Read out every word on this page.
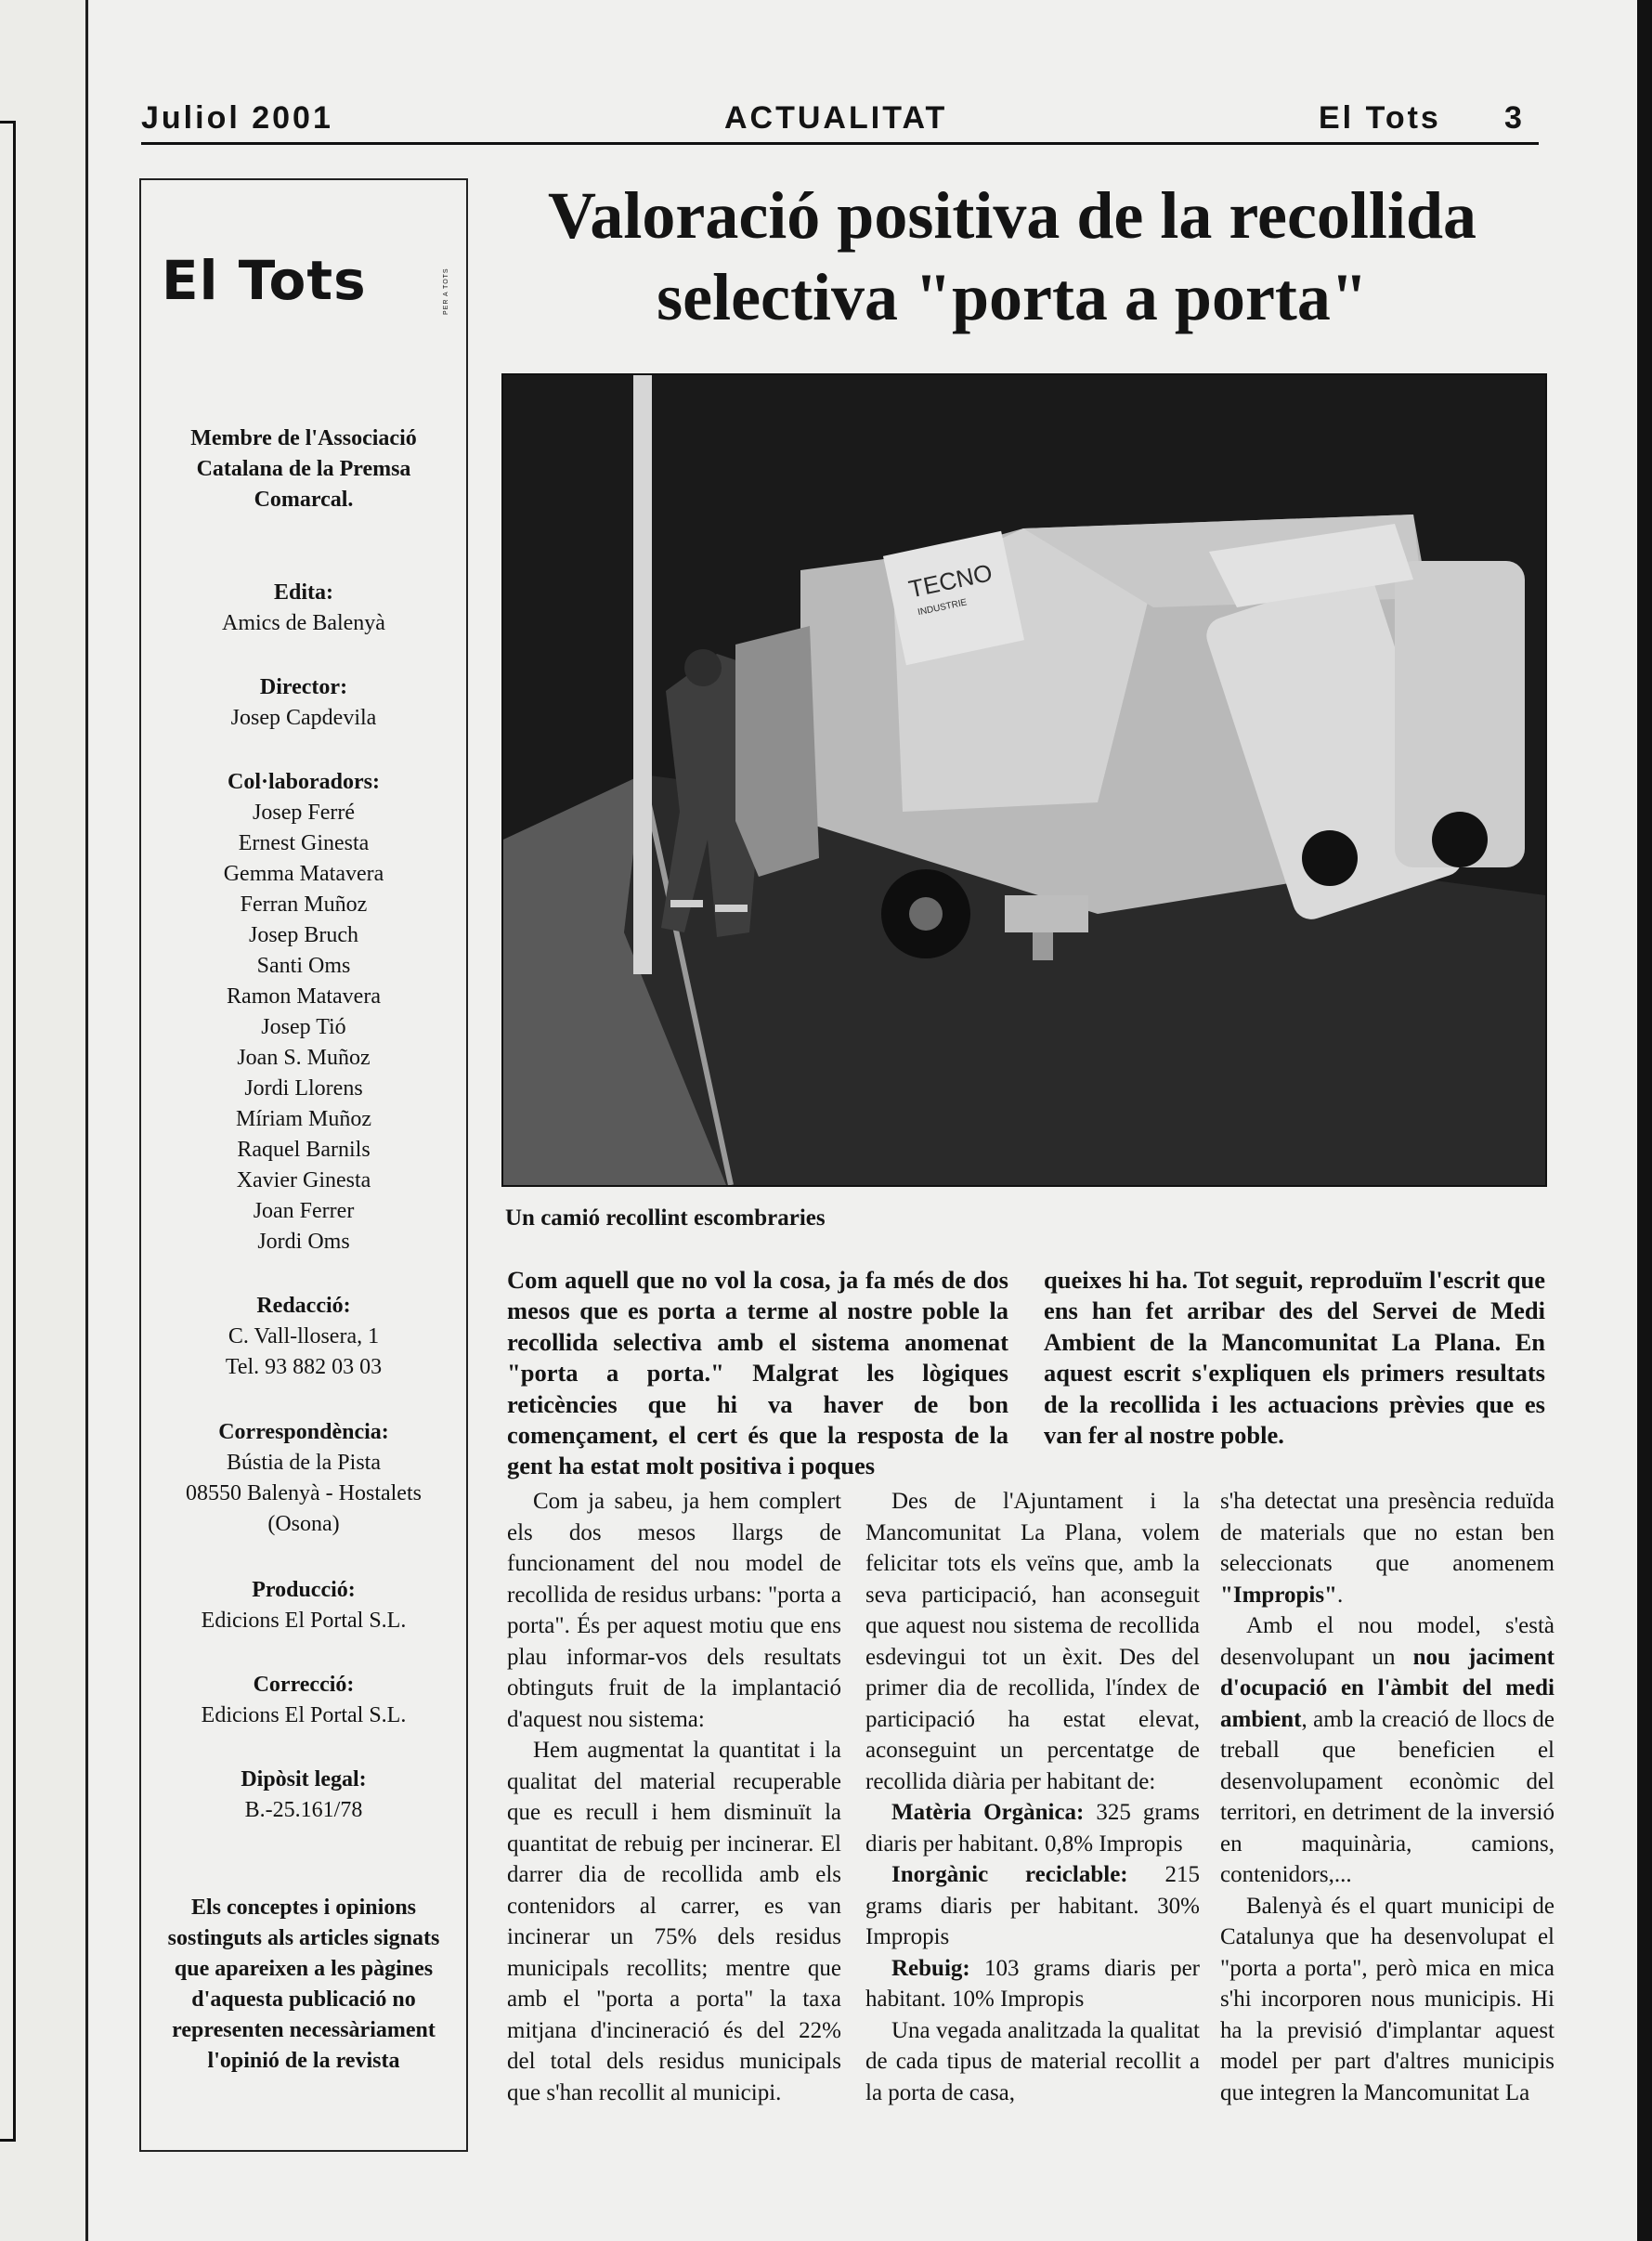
Juliol 2001	ACTUALITAT	El Tots 3
El Tots	PER A TOTS
Membre de l'Associació Catalana de la Premsa Comarcal.
Edita:
Amics de Balenyà
Director:
Josep Capdevila
Col·laboradors:
Josep Ferré
Ernest Ginesta
Gemma Matavera
Ferran Muñoz
Josep Bruch
Santi Oms
Ramon Matavera
Josep Tió
Joan S. Muñoz
Jordi Llorens
Míriam Muñoz
Raquel Barnils
Xavier Ginesta
Joan Ferrer
Jordi Oms
Redacció:
C. Vall-llosera, 1
Tel. 93 882 03 03
Correspondència:
Bústia de la Pista
08550 Balenyà - Hostalets
(Osona)
Producció:
Edicions El Portal S.L.
Correcció:
Edicions El Portal S.L.
Dipòsit legal:
B.-25.161/78
Els conceptes i opinions sostinguts als articles signats que apareixen a les pàgines d'aquesta publicació no representen necessàriament l'opinió de la revista
Valoració positiva de la recollida
selectiva "porta a porta"
TECNO
INDUSTRIE
Un camió recollint escombraries
Com aquell que no vol la cosa, ja fa més de dos mesos que es porta a terme al nostre poble la recollida selectiva amb el sistema anomenat "porta a porta." Malgrat les lògiques reticències que hi va haver de bon començament, el cert és que la resposta de la gent ha estat molt positiva i poques
queixes hi ha. Tot seguit, reproduïm l'escrit que ens han fet arribar des del Servei de Medi Ambient de la Mancomunitat La Plana. En aquest escrit s'expliquen els primers resultats de la recollida i les actuacions prèvies que es van fer al nostre poble.

Com ja sabeu, ja hem complert els dos mesos llargs de funcionament del nou model de recollida de residus urbans: "porta a porta". És per aquest motiu que ens plau informar-vos dels resultats obtinguts fruit de la implantació d'aquest nou sistema:

Hem augmentat la quantitat i la qualitat del material recuperable que es recull i hem disminuït la quantitat de rebuig per incinerar. El darrer dia de recollida amb els contenidors al carrer, es van incinerar un 75% dels residus municipals recollits; mentre que amb el "porta a porta" la taxa mitjana d'incineració és del 22% del total dels residus municipals que s'han recollit al municipi.

Des de l'Ajuntament i la Mancomunitat La Plana, volem felicitar tots els veïns que, amb la seva participació, han aconseguit que aquest nou sistema de recollida esdevingui tot un èxit. Des del primer dia de recollida, l'índex de participació ha estat elevat, aconseguint un percentatge de recollida diària per habitant de:

Matèria Orgànica: 325 grams diaris per habitant. 0,8% Impropis

Inorgànic reciclable: 215 grams diaris per habitant. 30% Impropis

Rebuig: 103 grams diaris per habitant. 10% Impropis

Una vegada analitzada la qualitat de cada tipus de material recollit a la porta de casa,

s'ha detectat una presència reduïda de materials que no estan ben seleccionats que anomenem "Impropis".

Amb el nou model, s'està desenvolupant un nou jaciment d'ocupació en l'àmbit del medi ambient, amb la creació de llocs de treball que beneficien el desenvolupament econòmic del territori, en detriment de la inversió en maquinària, camions, contenidors,...

Balenyà és el quart municipi de Catalunya que ha desenvolupat el "porta a porta", però mica en mica s'hi incorporen nous municipis. Hi ha la previsió d'implantar aquest model per part d'altres municipis que integren la Mancomunitat La
